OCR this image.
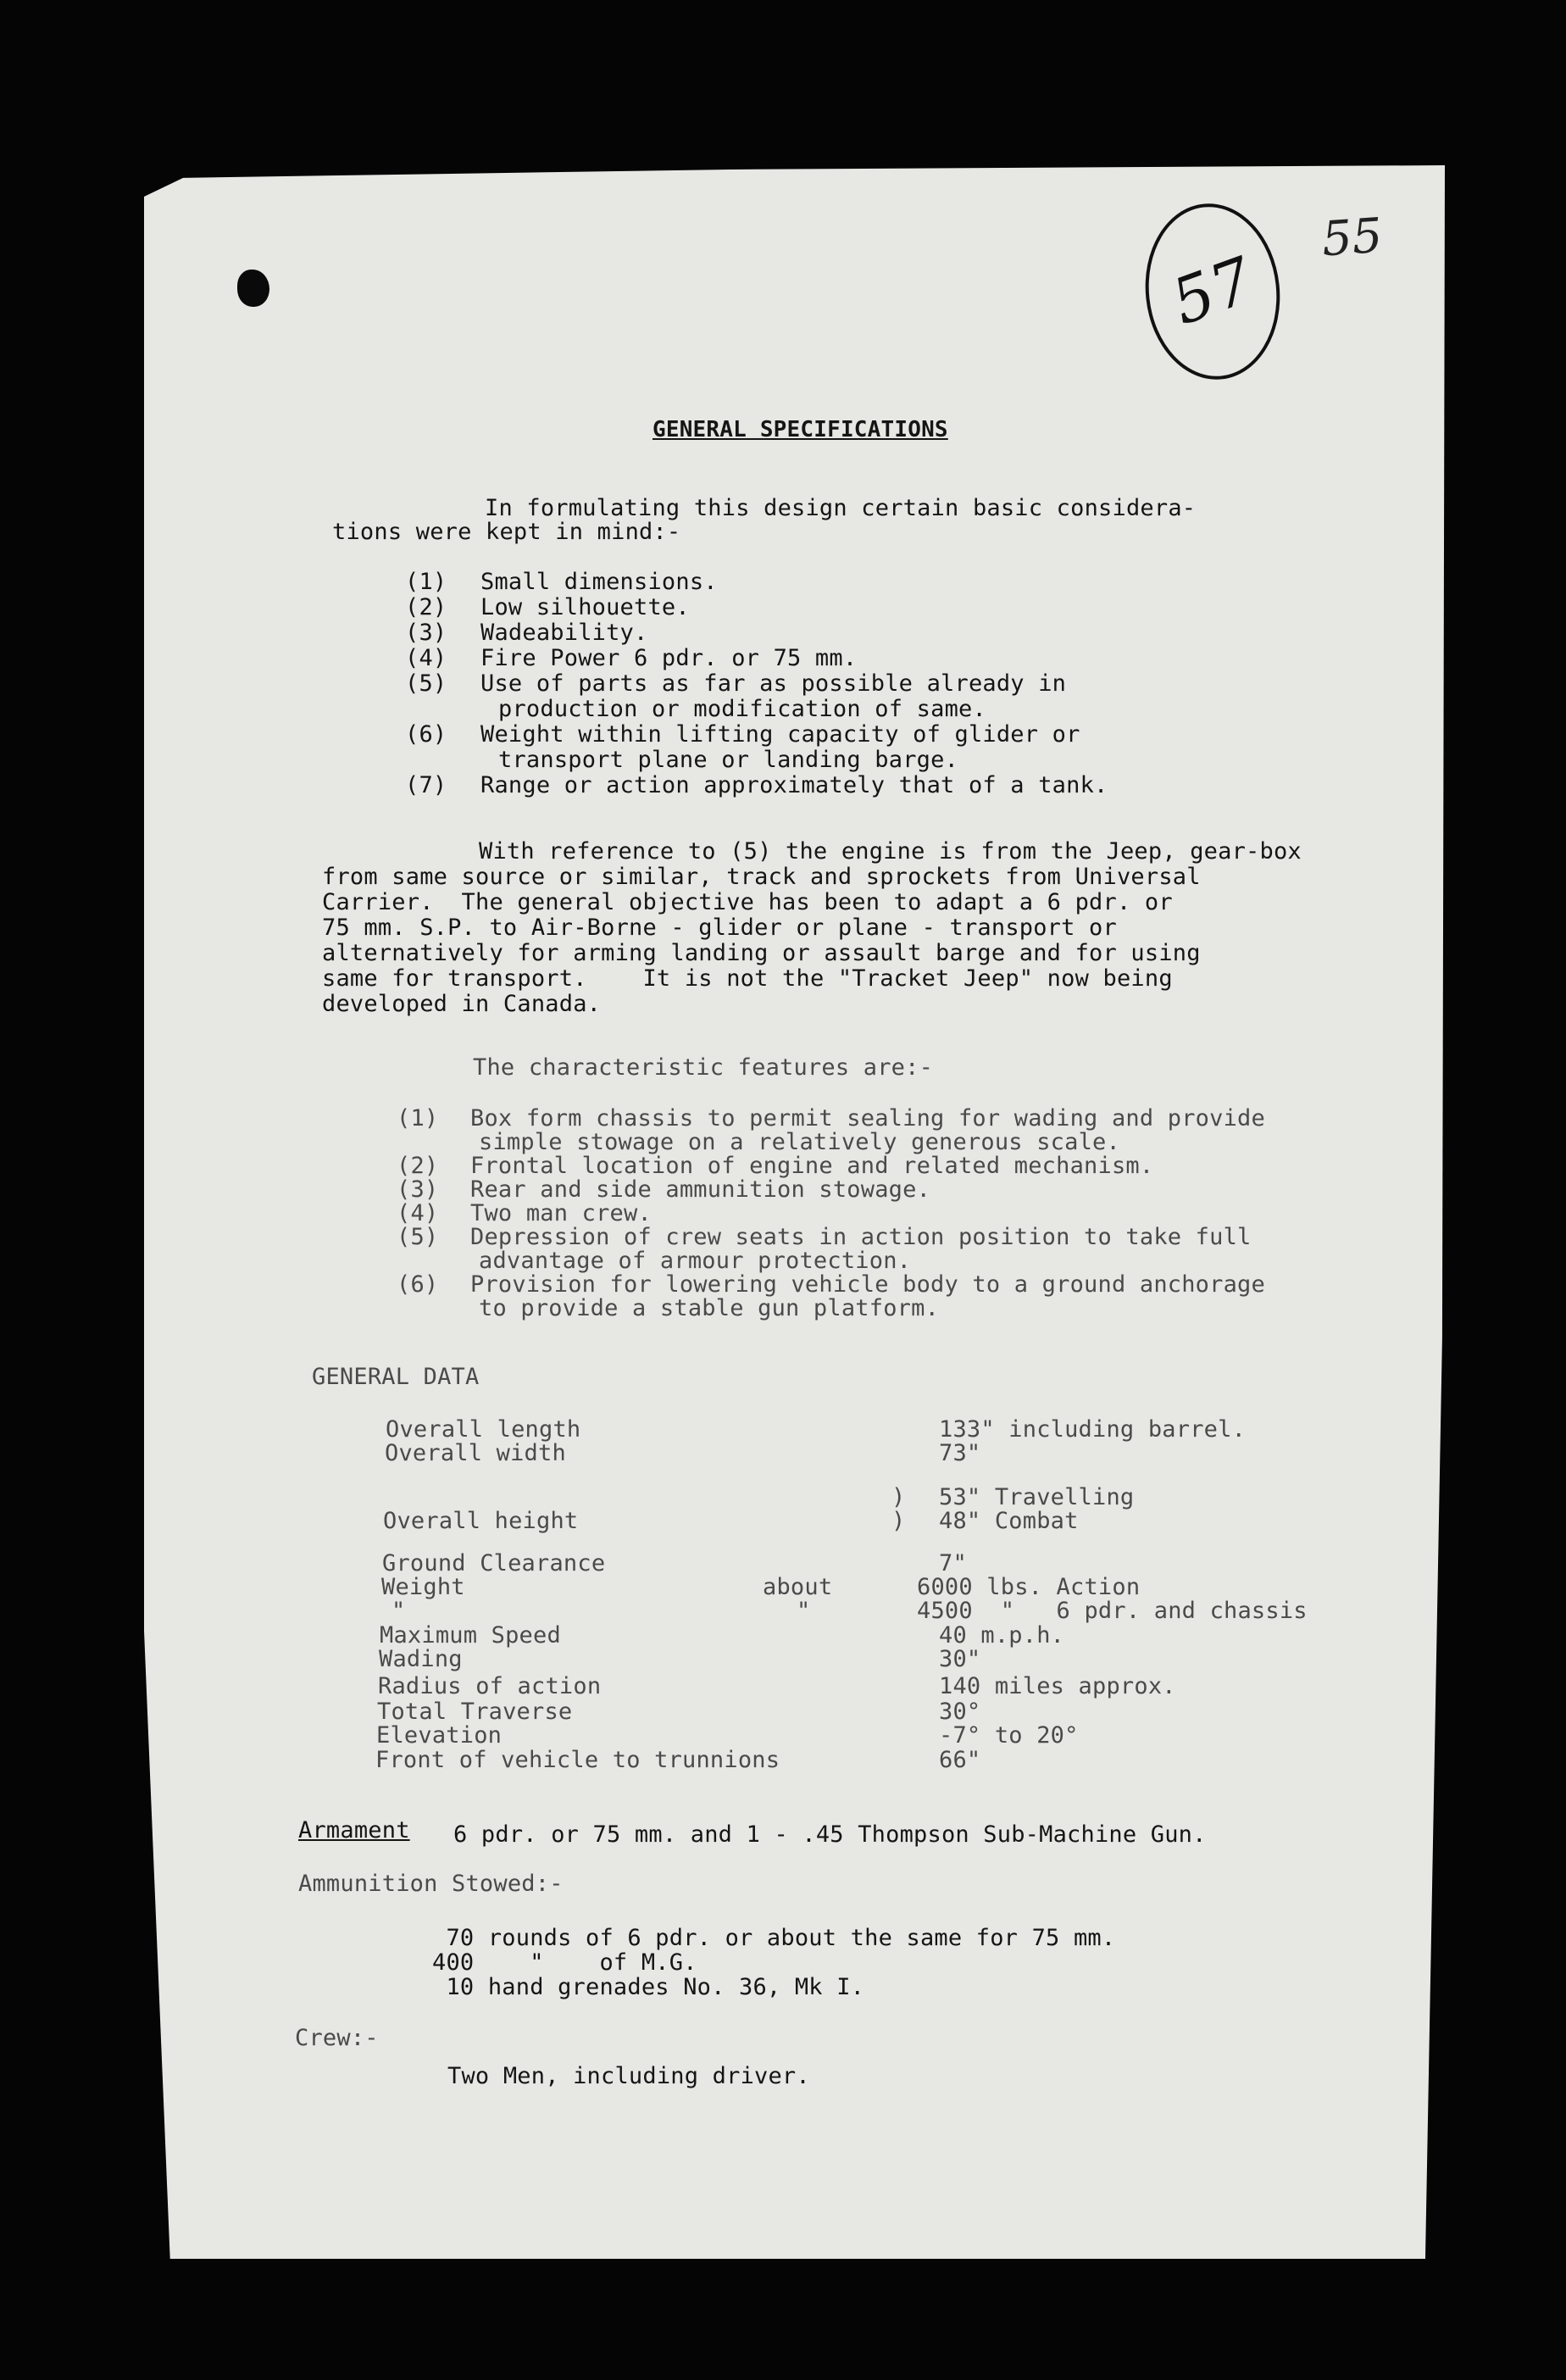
57
55
GENERAL SPECIFICATIONS
In formulating this design certain basic considera-
tions were kept in mind:-
(1) Small dimensions.
(2) Low silhouette.
(3) Wadeability.
(4) Fire Power 6 pdr. or 75 mm.
(5) Use of parts as far as possible already in
production or modification of same.
(6) Weight within lifting capacity of glider or
transport plane or landing barge.
(7) Range or action approximately that of a tank.
With reference to (5) the engine is from the Jeep, gear-box
from same source or similar, track and sprockets from Universal
Carrier.  The general objective has been to adapt a 6 pdr. or
75 mm. S.P. to Air-Borne - glider or plane - transport or
alternatively for arming landing or assault barge and for using
same for transport.    It is not the "Tracket Jeep" now being
developed in Canada.
The characteristic features are:-
(1) Box form chassis to permit sealing for wading and provide
simple stowage on a relatively generous scale.
(2) Frontal location of engine and related mechanism.
(3) Rear and side ammunition stowage.
(4) Two man crew.
(5) Depression of crew seats in action position to take full
advantage of armour protection.
(6) Provision for lowering vehicle body to a ground anchorage
to provide a stable gun platform.
GENERAL DATA
Overall length	133" including barrel.
Overall width	73"
) 53" Travelling
Overall height	) 48" Combat
Ground Clearance	7"
Weight	about	6000 lbs. Action
"	"	4500  "   6 pdr. and chassis
Maximum Speed	40 m.p.h.
Wading	30"
Radius of action	140 miles approx.
Total Traverse	30°
Elevation	-7° to 20°
Front of vehicle to trunnions	66"
Armament 6 pdr. or 75 mm. and 1 - .45 Thompson Sub-Machine Gun.
Ammunition Stowed:-
70 rounds of 6 pdr. or about the same for 75 mm.
400    "    of M.G.
10 hand grenades No. 36, Mk I.
Crew:-
Two Men, including driver.
